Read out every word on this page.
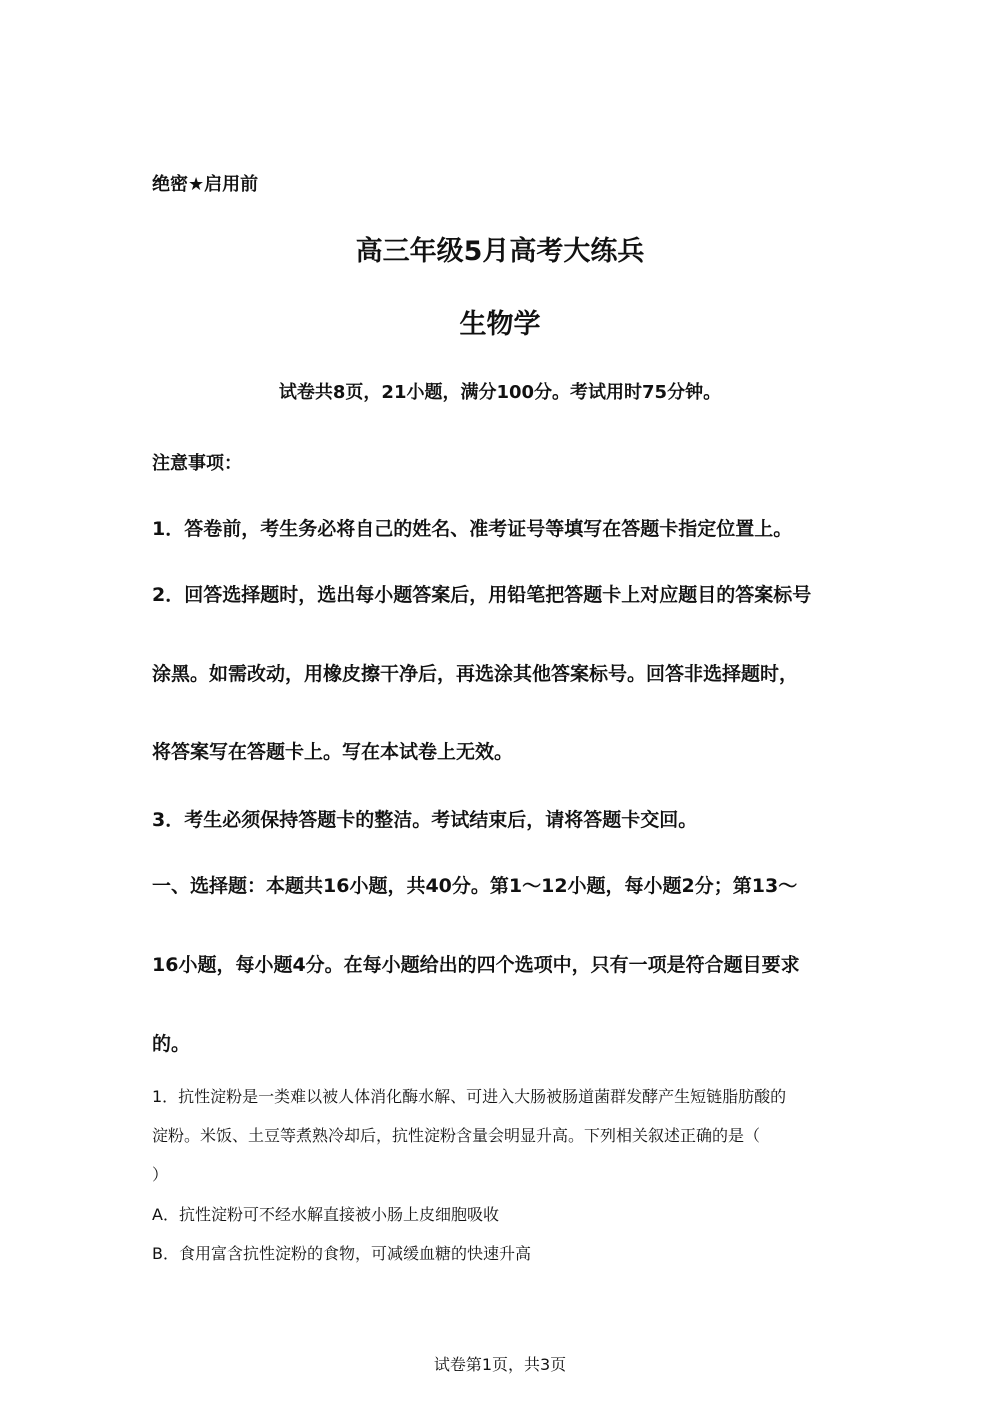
绝密★启用前
高三年级5月高考大练兵
生物学
试卷共8页，21小题，满分100分。考试用时75分钟。
注意事项：
1．答卷前，考生务必将自己的姓名、准考证号等填写在答题卡指定位置上。
2．回答选择题时，选出每小题答案后，用铅笔把答题卡上对应题目的答案标号
涂黑。如需改动，用橡皮擦干净后，再选涂其他答案标号。回答非选择题时，
将答案写在答题卡上。写在本试卷上无效。
3．考生必须保持答题卡的整洁。考试结束后，请将答题卡交回。
一、选择题：本题共16小题，共40分。第1～12小题，每小题2分；第13～
16小题，每小题4分。在每小题给出的四个选项中，只有一项是符合题目要求
的。
1．抗性淀粉是一类难以被人体消化酶水解、可进入大肠被肠道菌群发酵产生短链脂肪酸的
淀粉。米饭、土豆等煮熟冷却后，抗性淀粉含量会明显升高。下列相关叙述正确的是（
）
A．抗性淀粉可不经水解直接被小肠上皮细胞吸收
B．食用富含抗性淀粉的食物，可减缓血糖的快速升高
试卷第1页，共3页
